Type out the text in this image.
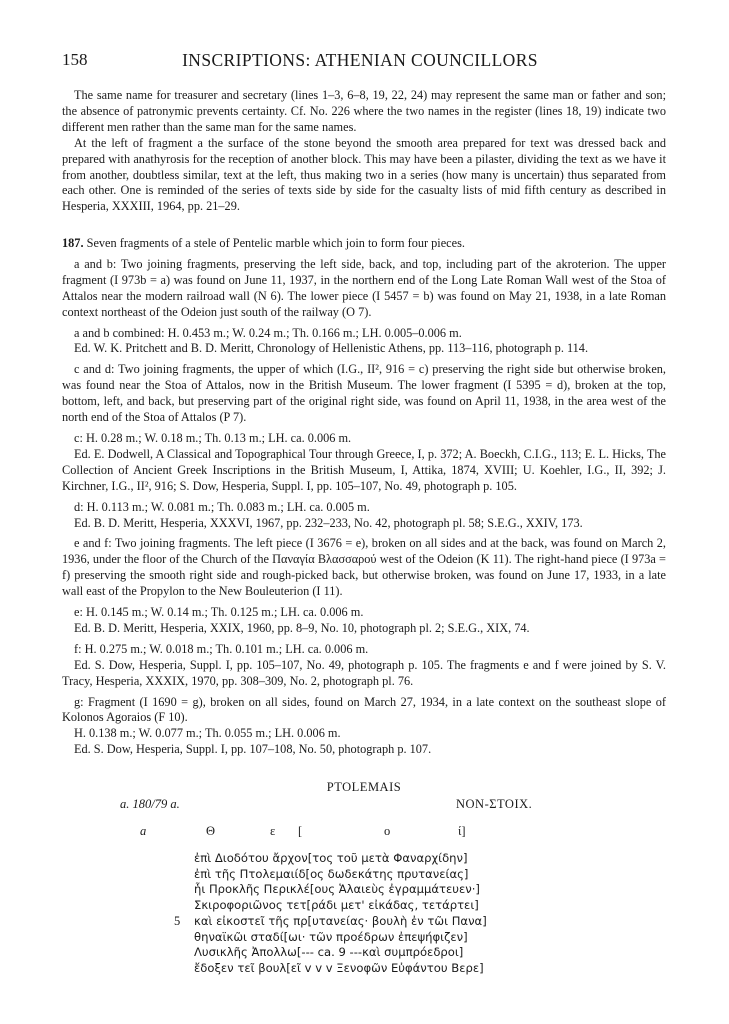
158	INSCRIPTIONS: ATHENIAN COUNCILLORS

The same name for treasurer and secretary (lines 1–3, 6–8, 19, 22, 24) may represent the same man or father and son; the absence of patronymic prevents certainty. Cf. No. 226 where the two names in the register (lines 18, 19) indicate two different men rather than the same man for the same names.

At the left of fragment a the surface of the stone beyond the smooth area prepared for text was dressed back and prepared with anathyrosis for the reception of another block. This may have been a pilaster, dividing the text as we have it from another, doubtless similar, text at the left, thus making two in a series (how many is uncertain) thus separated from each other. One is reminded of the series of texts side by side for the casualty lists of mid fifth century as described in Hesperia, XXXIII, 1964, pp. 21–29.

187. Seven fragments of a stele of Pentelic marble which join to form four pieces.

a and b: Two joining fragments, preserving the left side, back, and top, including part of the akroterion. The upper fragment (I 973b = a) was found on June 11, 1937, in the northern end of the Long Late Roman Wall west of the Stoa of Attalos near the modern railroad wall (N 6). The lower piece (I 5457 = b) was found on May 21, 1938, in a late Roman context northeast of the Odeion just south of the railway (O 7).

a and b combined: H. 0.453 m.; W. 0.24 m.; Th. 0.166 m.; LH. 0.005–0.006 m.

Ed. W. K. Pritchett and B. D. Meritt, Chronology of Hellenistic Athens, pp. 113–116, photograph p. 114.

c and d: Two joining fragments, the upper of which (I.G., II², 916 = c) preserving the right side but otherwise broken, was found near the Stoa of Attalos, now in the British Museum. The lower fragment (I 5395 = d), broken at the top, bottom, left, and back, but preserving part of the original right side, was found on April 11, 1938, in the area west of the north end of the Stoa of Attalos (P 7).

c: H. 0.28 m.; W. 0.18 m.; Th. 0.13 m.; LH. ca. 0.006 m.

Ed. E. Dodwell, A Classical and Topographical Tour through Greece, I, p. 372; A. Boeckh, C.I.G., 113; E. L. Hicks, The Collection of Ancient Greek Inscriptions in the British Museum, I, Attika, 1874, XVIII; U. Koehler, I.G., II, 392; J. Kirchner, I.G., II², 916; S. Dow, Hesperia, Suppl. I, pp. 105–107, No. 49, photograph p. 105.

d: H. 0.113 m.; W. 0.081 m.; Th. 0.083 m.; LH. ca. 0.005 m.

Ed. B. D. Meritt, Hesperia, XXXVI, 1967, pp. 232–233, No. 42, photograph pl. 58; S.E.G., XXIV, 173.

e and f: Two joining fragments. The left piece (I 3676 = e), broken on all sides and at the back, was found on March 2, 1936, under the floor of the Church of the Παναγία Βλασσαρού west of the Odeion (K 11). The right-hand piece (I 973a = f) preserving the smooth right side and rough-picked back, but otherwise broken, was found on June 17, 1933, in a late wall east of the Propylon to the New Bouleuterion (I 11).

e: H. 0.145 m.; W. 0.14 m.; Th. 0.125 m.; LH. ca. 0.006 m.

Ed. B. D. Meritt, Hesperia, XXIX, 1960, pp. 8–9, No. 10, photograph pl. 2; S.E.G., XIX, 74.

f: H. 0.275 m.; W. 0.018 m.; Th. 0.101 m.; LH. ca. 0.006 m.

Ed. S. Dow, Hesperia, Suppl. I, pp. 105–107, No. 49, photograph p. 105. The fragments e and f were joined by S. V. Tracy, Hesperia, XXXIX, 1970, pp. 308–309, No. 2, photograph pl. 76.

g: Fragment (I 1690 = g), broken on all sides, found on March 27, 1934, in a late context on the southeast slope of Kolonos Agoraios (F 10).

H. 0.138 m.; W. 0.077 m.; Th. 0.055 m.; LH. 0.006 m.

Ed. S. Dow, Hesperia, Suppl. I, pp. 107–108, No. 50, photograph p. 107.

PTOLEMAIS
a. 180/79 a.	NON-ΣΤΟΙΧ.
a	Θ	ε [	ο	ί]
5
ἐπὶ Διοδότου ἄρχον[τος τοῦ μετὰ Φαναρχίδην]
ἐπὶ τῆς Πτολεμαιίδ[ος δωδεκάτης πρυτανείας]
ἧι Προκλῆς Περικλέ[ους Ἁλαιεὺς ἐγραμμάτευεν·]
Σκιροφοριῶνος τετ[ράδι μετ' εἰκάδας, τετάρτει]
καὶ εἰκοστεῖ τῆς πρ[υτανείας· βουλὴ ἐν τῶι Πανα]
θηναϊκῶι σταδί[ωι· τῶν προέδρων ἐπεψήφιζεν]
Λυσικλῆς Ἀπολλω[--- ca. 9 ---καὶ συμπρόεδροι]
ἔδοξεν τεῖ βουλ[εῖ v v v Ξενοφῶν Εὐφάντου Βερε]
